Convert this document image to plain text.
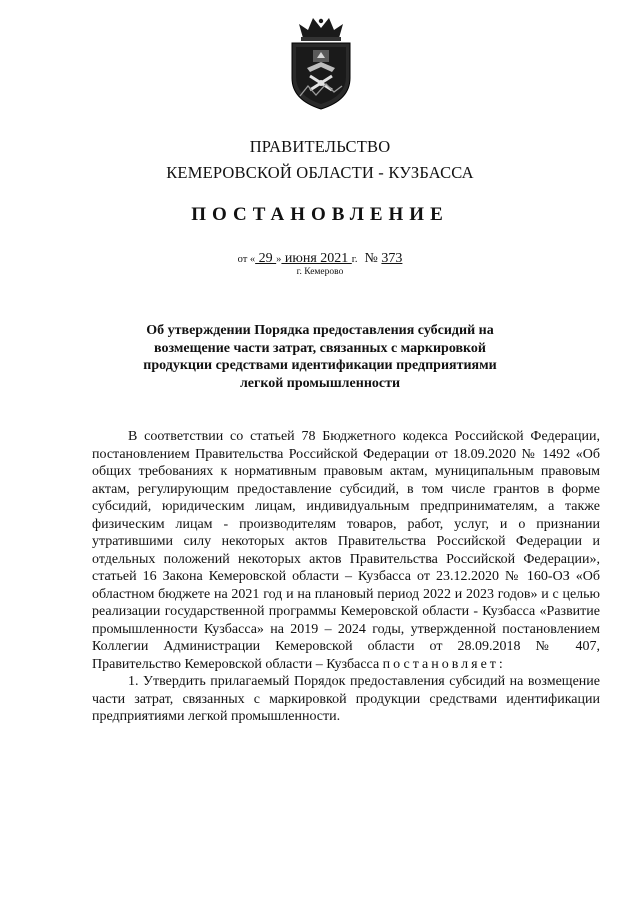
ПРАВИТЕЛЬСТВО
КЕМЕРОВСКОЙ ОБЛАСТИ - КУЗБАССА
ПОСТАНОВЛЕНИЕ
от « 29 » июня 2021 г. № 373
г. Кемерово
Об утверждении Порядка предоставления субсидий на возмещение части затрат, связанных с маркировкой продукции средствами идентификации предприятиями легкой промышленности

В соответствии со статьей 78 Бюджетного кодекса Российской Федерации, постановлением Правительства Российской Федерации от 18.09.2020 № 1492 «Об общих требованиях к нормативным правовым актам, муниципальным правовым актам, регулирующим предоставление субсидий, в том числе грантов в форме субсидий, юридическим лицам, индивидуальным предпринимателям, а также физическим лицам - производителям товаров, работ, услуг, и о признании утратившими силу некоторых актов Правительства Российской Федерации и отдельных положений некоторых актов Правительства Российской Федерации», статьей 16 Закона Кемеровской области – Кузбасса от 23.12.2020 № 160-ОЗ «Об областном бюджете на 2021 год и на плановый период 2022 и 2023 годов» и с целью реализации государственной программы Кемеровской области - Кузбасса «Развитие промышленности Кузбасса» на 2019 – 2024 годы, утвержденной постановлением Коллегии Администрации Кемеровской области от 28.09.2018 № 407, Правительство Кемеровской области – Кузбасса постановляет:

1. Утвердить прилагаемый Порядок предоставления субсидий на возмещение части затрат, связанных с маркировкой продукции средствами идентификации предприятиями легкой промышленности.
